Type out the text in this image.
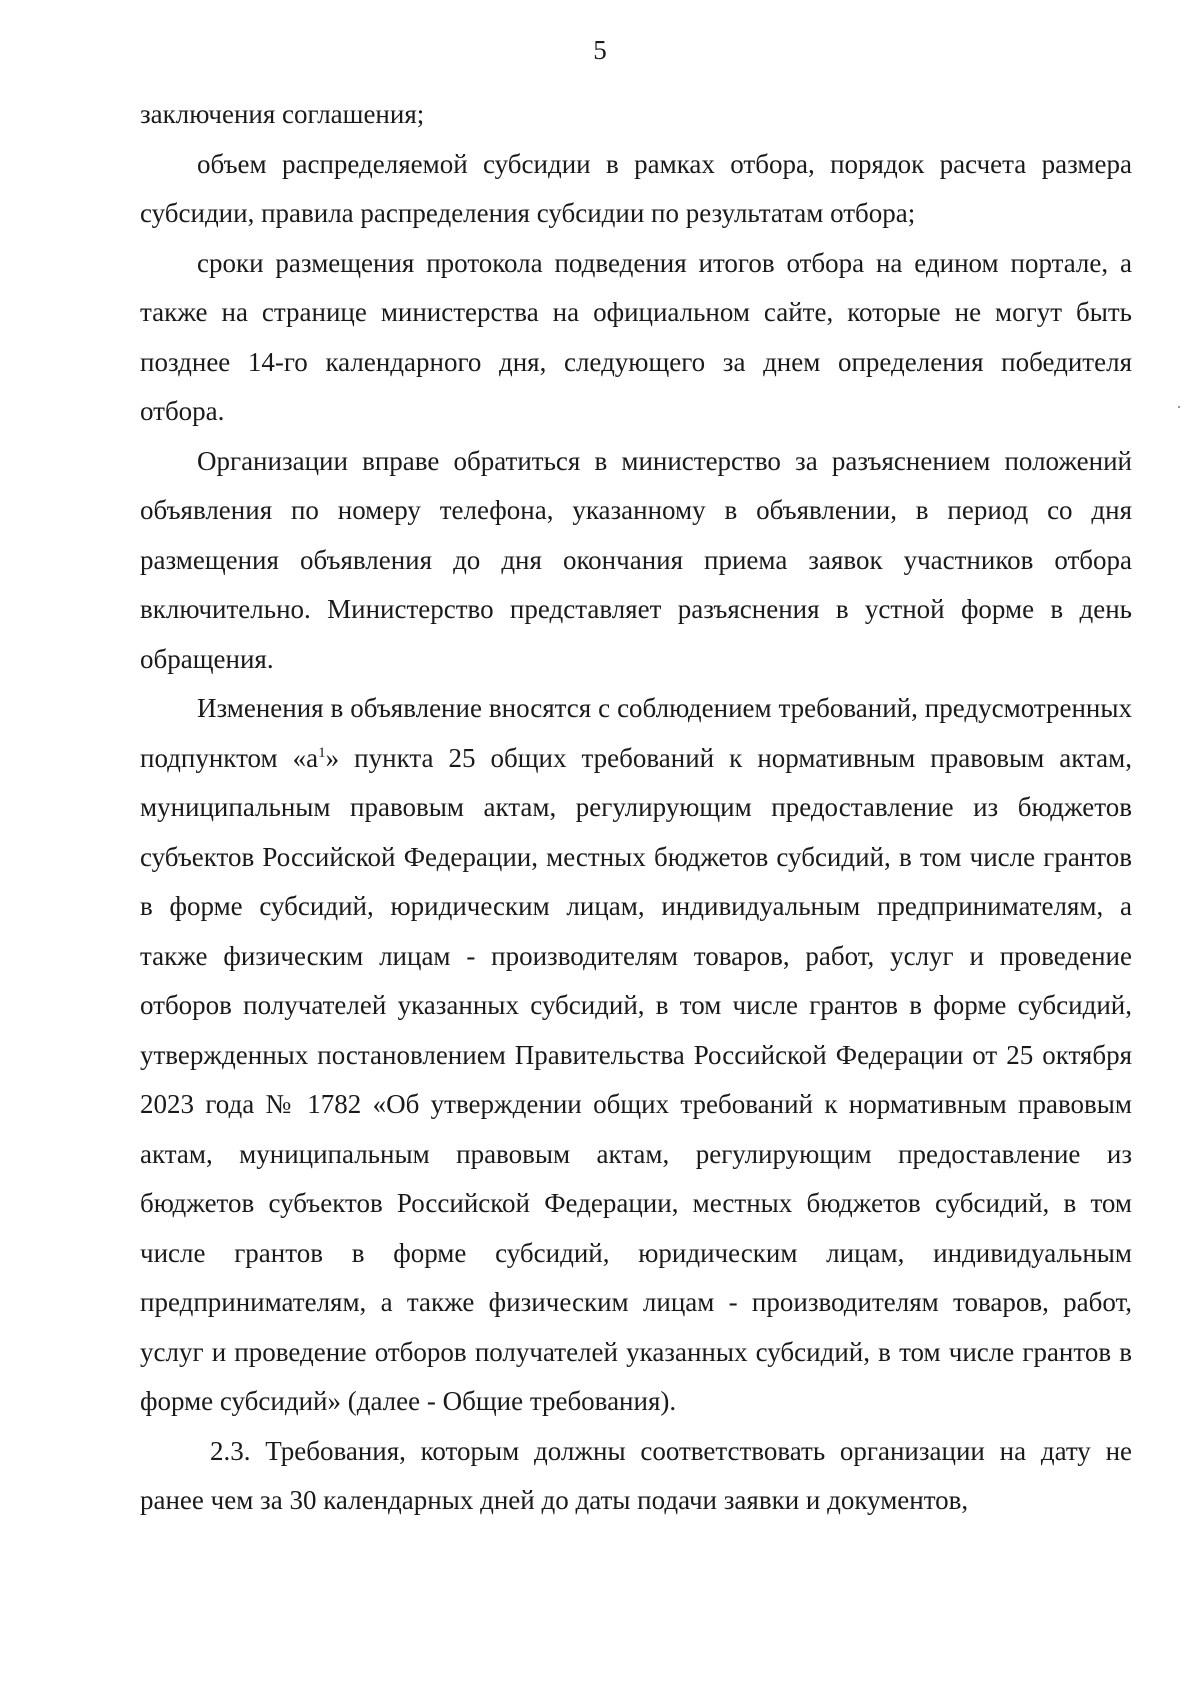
5

заключения соглашения;

объем распределяемой субсидии в рамках отбора, порядок расчета размера субсидии, правила распределения субсидии по результатам отбора;

сроки размещения протокола подведения итогов отбора на едином портале, а также на странице министерства на официальном сайте, которые не могут быть позднее 14-го календарного дня, следующего за днем определения победителя отбора.

Организации вправе обратиться в министерство за разъяснением положений объявления по номеру телефона, указанному в объявлении, в период со дня размещения объявления до дня окончания приема заявок участников отбора включительно. Министерство представляет разъяснения в устной форме в день обращения.

Изменения в объявление вносятся с соблюдением требований, предусмотренных подпунктом «$а^1$» пункта 25 общих требований к нормативным правовым актам, муниципальным правовым актам, регулирующим предоставление из бюджетов субъектов Российской Федерации, местных бюджетов субсидий, в том числе грантов в форме субсидий, юридическим лицам, индивидуальным предпринимателям, а также физическим лицам - производителям товаров, работ, услуг и проведение отборов получателей указанных субсидий, в том числе грантов в форме субсидий, утвержденных постановлением Правительства Российской Федерации от 25 октября 2023 года № 1782 «Об утверждении общих требований к нормативным правовым актам, муниципальным правовым актам, регулирующим предоставление из бюджетов субъектов Российской Федерации, местных бюджетов субсидий, в том числе грантов в форме субсидий, юридическим лицам, индивидуальным предпринимателям, а также физическим лицам - производителям товаров, работ, услуг и проведение отборов получателей указанных субсидий, в том числе грантов в форме субсидий» (далее - Общие требования).

2.3. Требования, которым должны соответствовать организации на дату не ранее чем за 30 календарных дней до даты подачи заявки и документов,
